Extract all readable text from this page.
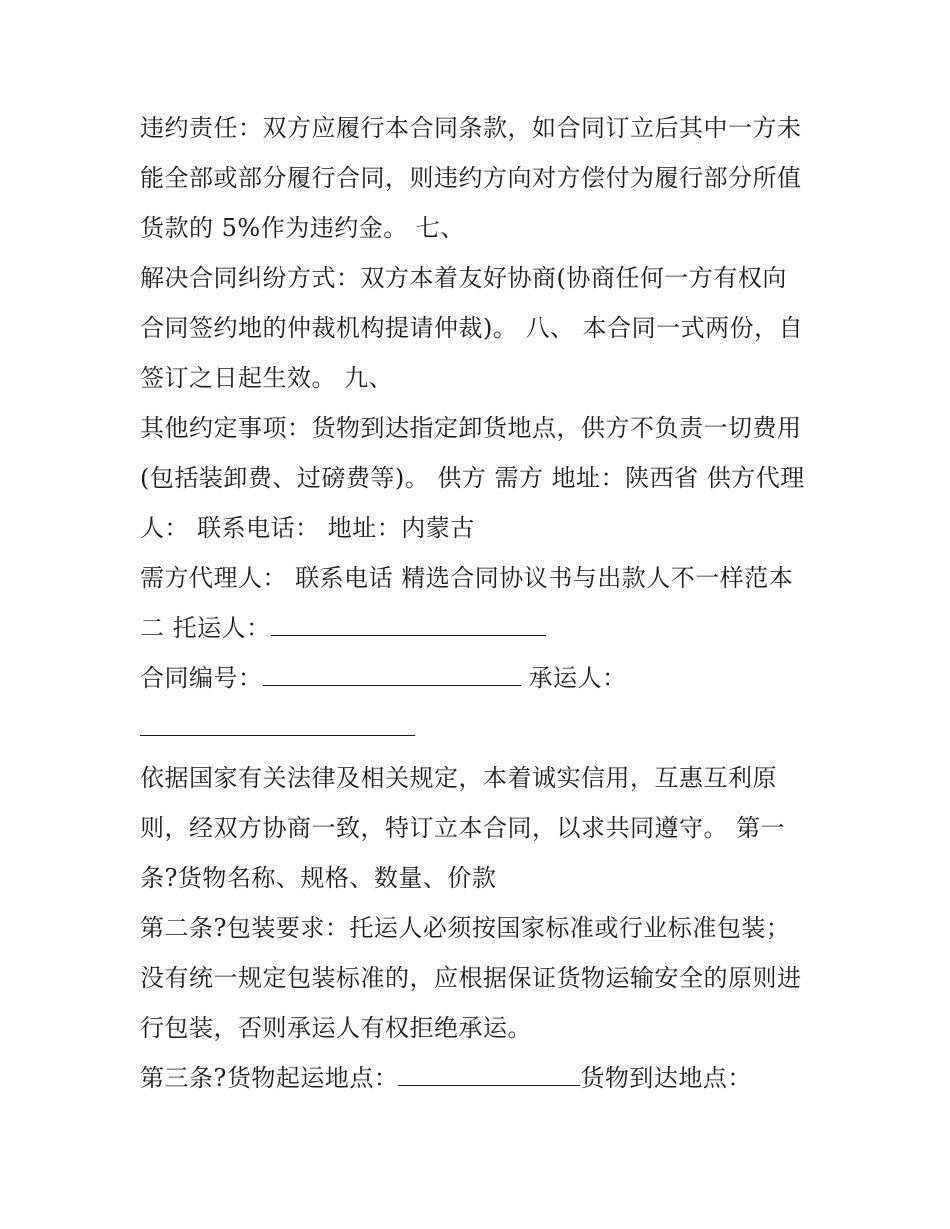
违约责任：双方应履行本合同条款，如合同订立后其中一方未
能全部或部分履行合同，则违约方向对方偿付为履行部分所值
货款的 5%作为违约金。 七、
解决合同纠纷方式：双方本着友好协商(协商任何一方有权向
合同签约地的仲裁机构提请仲裁)。 八、 本合同一式两份，自
签订之日起生效。 九、
其他约定事项：货物到达指定卸货地点，供方不负责一切费用
(包括装卸费、过磅费等)。 供方 需方 地址：陕西省 供方代理
人： 联系电话： 地址：内蒙古
需方代理人： 联系电话 精选合同协议书与出款人不一样范本
二 托运人：
合同编号：	承运人：
依据国家有关法律及相关规定，本着诚实信用，互惠互利原
则，经双方协商一致，特订立本合同，以求共同遵守。 第一
条?货物名称、规格、数量、价款
第二条?包装要求：托运人必须按国家标准或行业标准包装；
没有统一规定包装标准的，应根据保证货物运输安全的原则进
行包装，否则承运人有权拒绝承运。
第三条?货物起运地点：	货物到达地点：
